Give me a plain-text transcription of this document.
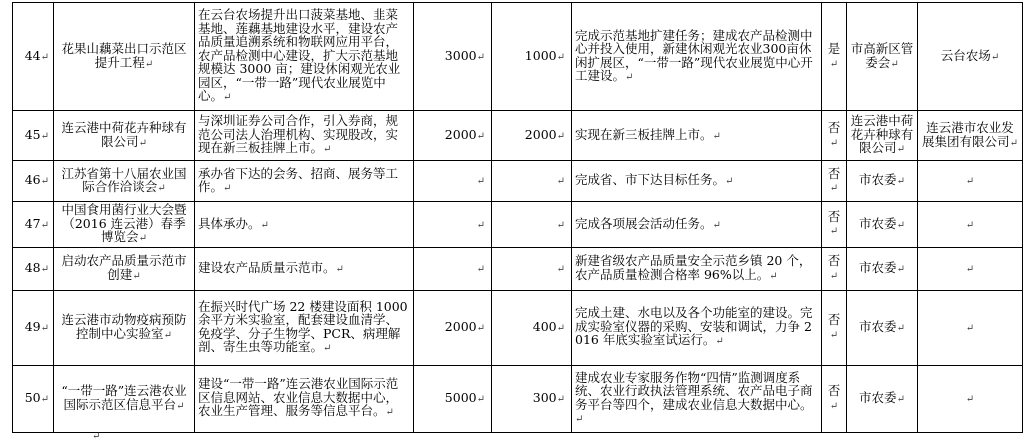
44↵	花果山藕菜出口示范区提升工程↵	在云台农场提升出口菠菜基地、韭菜基地、莲藕基地建设水平，建设农产品质量追溯系统和物联网应用平台，农产品检测中心建设，扩大示范基地规模达 3000 亩；建设休闲观光农业园区，“一带一路”现代农业展览中心。↵	3000↵	1000↵	完成示范基地扩建任务；建成农产品检测中心并投入使用，新建休闲观光农业300亩休闲扩展区，“一带一路”现代农业展览中心开工建设。↵	是↵	市高新区管委会↵	云台农场↵
45↵	连云港中荷花卉种球有限公司↵	与深圳证券公司合作，引入券商，规范公司法人治理机构、实现股改，实现在新三板挂牌上市。↵	2000↵	2000↵	实现在新三板挂牌上市。↵	否↵	连云港中荷花卉种球有限公司↵	连云港市农业发展集团有限公司↵
46↵	江苏省第十八届农业国际合作洽谈会↵	承办省下达的会务、招商、展务等工作。↵	↵	↵	完成省、市下达目标任务。↵	否↵	市农委↵	↵
47↵	中国食用菌行业大会暨（2016 连云港）春季博览会↵	具体承办。↵	↵	↵	完成各项展会活动任务。↵	否↵	市农委↵	↵
48↵	启动农产品质量示范市创建↵	建设农产品质量示范市。↵	↵	↵	新建省级农产品质量安全示范乡镇 20 个，农产品质量检测合格率 96%以上。↵	否↵	市农委↵	↵
49↵	连云港市动物疫病预防控制中心实验室↵	在振兴时代广场 22 楼建设面积 1000 余平方米实验室，配套建设血清学、免疫学、分子生物学、PCR、病理解剖、寄生虫等功能室。↵	2000↵	400↵	完成土建、水电以及各个功能室的建设。完成实验室仪器的采购、安装和调试，力争 2016 年底实验室试运行。↵	否↵	市农委↵	↵
50↵	“一带一路”连云港农业国际示范区信息平台↵	建设“一带一路”连云港农业国际示范区信息网站、农业信息大数据中心，农业生产管理、服务等信息平台。↵	5000↵	300↵	建成农业专家服务作物“四情”监测调度系统、农业行政执法管理系统、农产品电子商务平台等四个，建成农业信息大数据中心。↵	否↵	市农委↵	↵
↵
